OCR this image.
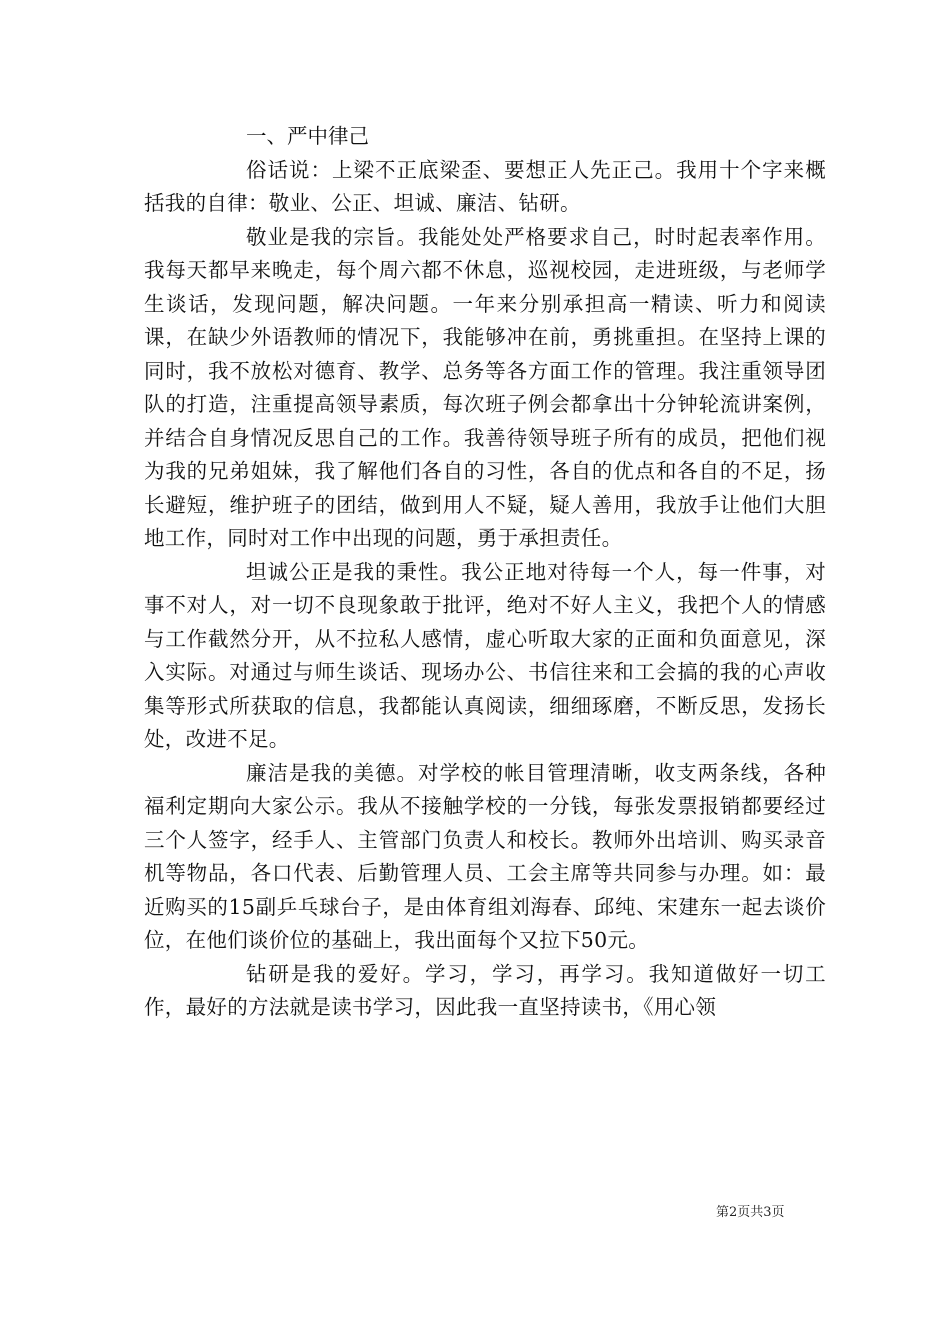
一、严中律己

俗话说：上梁不正底梁歪、要想正人先正己。我用十个字来概括我的自律：敬业、公正、坦诚、廉洁、钻研。

敬业是我的宗旨。我能处处严格要求自己，时时起表率作用。我每天都早来晚走，每个周六都不休息，巡视校园，走进班级，与老师学生谈话，发现问题，解决问题。一年来分别承担高一精读、听力和阅读课，在缺少外语教师的情况下，我能够冲在前，勇挑重担。在坚持上课的同时，我不放松对德育、教学、总务等各方面工作的管理。我注重领导团队的打造，注重提高领导素质，每次班子例会都拿出十分钟轮流讲案例，并结合自身情况反思自己的工作。我善待领导班子所有的成员，把他们视为我的兄弟姐妹，我了解他们各自的习性，各自的优点和各自的不足，扬长避短，维护班子的团结，做到用人不疑，疑人善用，我放手让他们大胆地工作，同时对工作中出现的问题，勇于承担责任。

坦诚公正是我的秉性。我公正地对待每一个人，每一件事，对事不对人，对一切不良现象敢于批评，绝对不好人主义，我把个人的情感与工作截然分开，从不拉私人感情，虚心听取大家的正面和负面意见，深入实际。对通过与师生谈话、现场办公、书信往来和工会搞的我的心声收集等形式所获取的信息，我都能认真阅读，细细琢磨，不断反思，发扬长处，改进不足。

廉洁是我的美德。对学校的帐目管理清晰，收支两条线，各种福利定期向大家公示。我从不接触学校的一分钱，每张发票报销都要经过三个人签字，经手人、主管部门负责人和校长。教师外出培训、购买录音机等物品，各口代表、后勤管理人员、工会主席等共同参与办理。如：最近购买的15副乒乓球台子，是由体育组刘海春、邱纯、宋建东一起去谈价位，在他们谈价位的基础上，我出面每个又拉下50元。

钻研是我的爱好。学习，学习，再学习。我知道做好一切工作，最好的方法就是读书学习，因此我一直坚持读书，《用心领

第2页共3页
